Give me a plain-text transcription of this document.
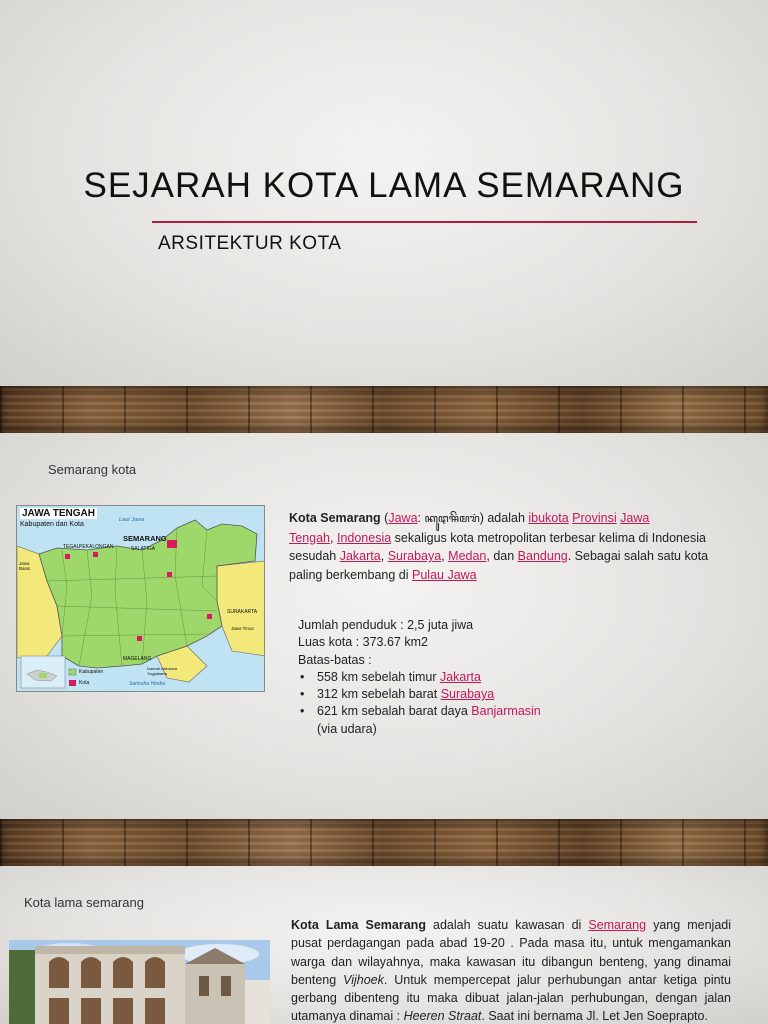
SEJARAH KOTA LAMA SEMARANG
ARSITEKTUR KOTA
Semarang kota
JAWA TENGAH
Kabupaten dan Kota
Laut Jawa
SEMARANG
SALATIGA
TEGAL PEKALONGAN
Jawa Barat
SURAKARTA
Jawa Timur
Daerah Istimewa Yogyakarta
MAGELANG
Samudra Hindia
Kabupaten
Kota
Kota Semarang (Jawa: ꦏꦸꦛꦯꦼꦩꦫꦁ) adalah ibukota Provinsi Jawa
Tengah, Indonesia sekaligus kota metropolitan terbesar kelima di Indonesia sesudah Jakarta, Surabaya, Medan, dan Bandung. Sebagai salah satu kota paling berkembang di Pulau Jawa
Jumlah penduduk : 2,5 juta jiwa
Luas kota : 373.67 km2
Batas-batas :
• 558 km sebelah timur Jakarta
• 312 km sebelah barat Surabaya
• 621 km sebalah barat daya Banjarmasin
(via udara)
Kota lama semarang
Kota Lama Semarang adalah suatu kawasan di Semarang yang menjadi pusat perdagangan pada abad 19-20 . Pada masa itu, untuk mengamankan warga dan wilayahnya, maka kawasan itu dibangun benteng, yang dinamai benteng Vijhoek. Untuk mempercepat jalur perhubungan antar ketiga pintu gerbang dibenteng itu maka dibuat jalan-jalan perhubungan, dengan jalan utamanya dinamai : Heeren Straat. Saat ini bernama Jl. Let Jen Soeprapto.
